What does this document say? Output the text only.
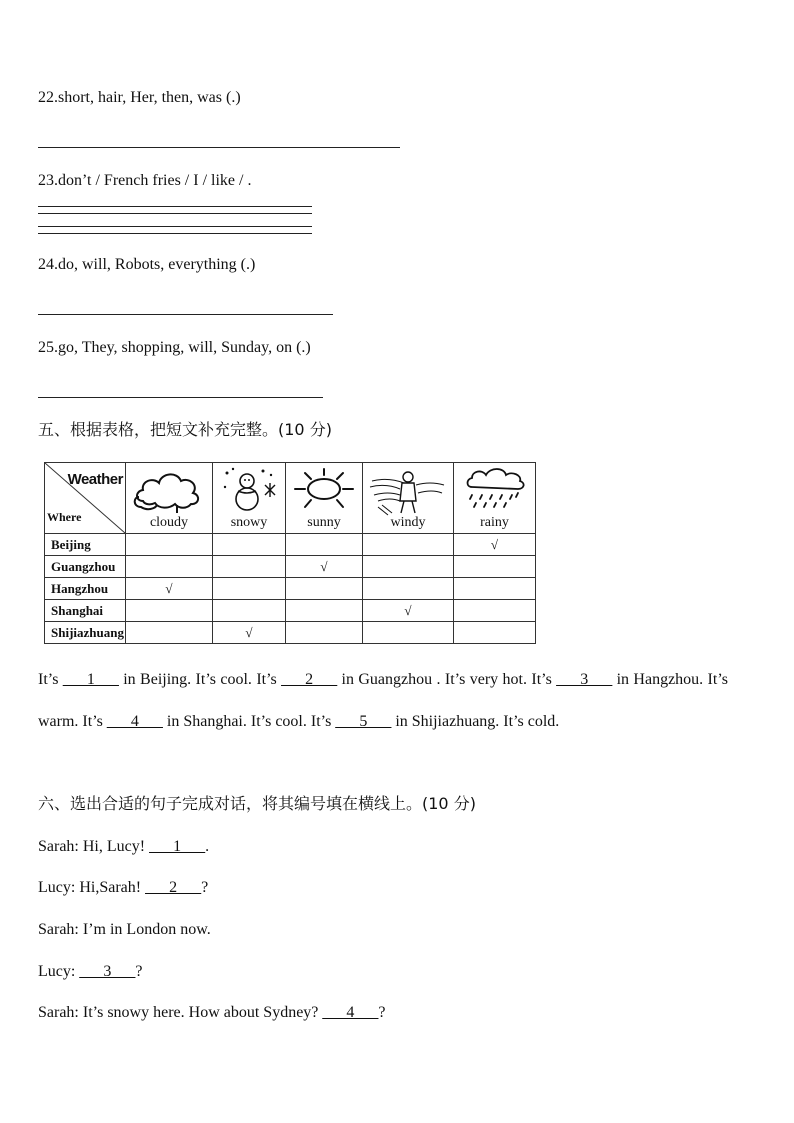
22.short, hair, Her, then, was (.)
23.don’t / French fries / I / like / .
24.do, will, Robots, everything (.)
25.go, They, shopping, will, Sunday, on (.)
五、根据表格，把短文补充完整。(10 分)
Weather
Where	cloudy	snowy	sunny	windy	rainy

Beijing					√
Guangzhou			√		
Hangzhou	√				
Shanghai				√	
Shijiazhuang		√			
It’s ___1___ in Beijing. It’s cool. It’s ___2___ in Guangzhou . It’s very hot. It’s ___3___ in Hangzhou. It’s warm. It’s ___4___ in Shanghai. It’s cool. It’s ___5___ in Shijiazhuang. It’s cold.
六、选出合适的句子完成对话，将其编号填在横线上。(10 分)
Sarah: Hi, Lucy! ___1___.
Lucy: Hi,Sarah! ___2___?
Sarah: I’m in London now.
Lucy: ___3___?
Sarah: It’s snowy here. How about Sydney? ___4___?
